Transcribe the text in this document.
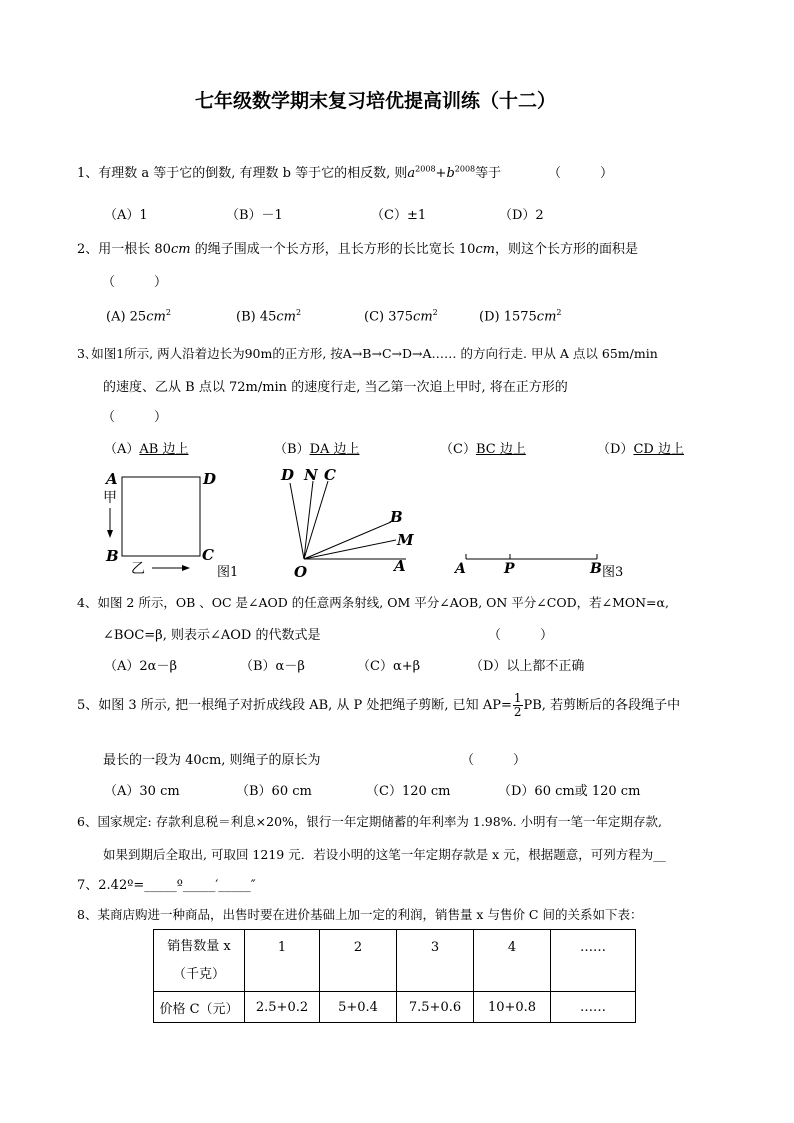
七年级数学期末复习培优提高训练（十二）
1、有理数 a 等于它的倒数, 有理数 b 等于它的相反数, 则$a^{2008}+b^{2008}$等于	（　　　）
（A）1	（B）－1	（C）±1	（D）2
2、用一根长 80cm 的绳子围成一个长方形，且长方形的长比宽长 10cm，则这个长方形的面积是
（　　　）
(A) $25cm^2$	(B) $45cm^2$	(C) $375cm^2$	(D) $1575cm^2$
3､如图1所示, 两人沿着边长为90m的正方形, 按A→B→C→D→A…… 的方向行走. 甲从 A 点以 65m/min
的速度、乙从 B 点以 72m/min 的速度行走, 当乙第一次追上甲时, 将在正方形的
（　　　）
（A）AB 边上	（B）DA 边上	（C）BC 边上	（D）CD 边上
A	D
B	C
甲
乙	图1
D N C
B
M
O	A	A	P	B 图3
4、如图 2 所示，OB 、OC 是∠AOD 的任意两条射线, OM 平分∠AOB, ON 平分∠COD，若∠MON=α,
∠BOC=β, 则表示∠AOD 的代数式是	（　　　）
（A）2α－β	（B）α－β	（C）α+β	（D）以上都不正确
5、如图 3 所示, 把一根绳子对折成线段 AB, 从 P 处把绳子剪断, 已知 $AP= \frac{1}{2}$ PB, 若剪断后的各段绳子中
最长的一段为 40cm, 则绳子的原长为	（　　　）
（A）30 cm	（B）60 cm	（C）120 cm	（D）60 cm或 120 cm
6、国家规定: 存款利息税＝利息×20%，银行一年定期储蓄的年利率为 1.98%. 小明有一笔一年定期存款,
如果到期后全取出, 可取回 1219 元．若设小明的这笔一年定期存款是 x 元，根据题意，可列方程为__
7、2.42º=_____º_____′_____″
8、某商店购进一种商品，出售时要在进价基础上加一定的利润，销售量 x 与售价 C 间的关系如下表：
销售数量 x
（千克）	1	2	3	4	……
价格 C（元）	2.5+0.2	5+0.4	7.5+0.6	10+0.8	……
